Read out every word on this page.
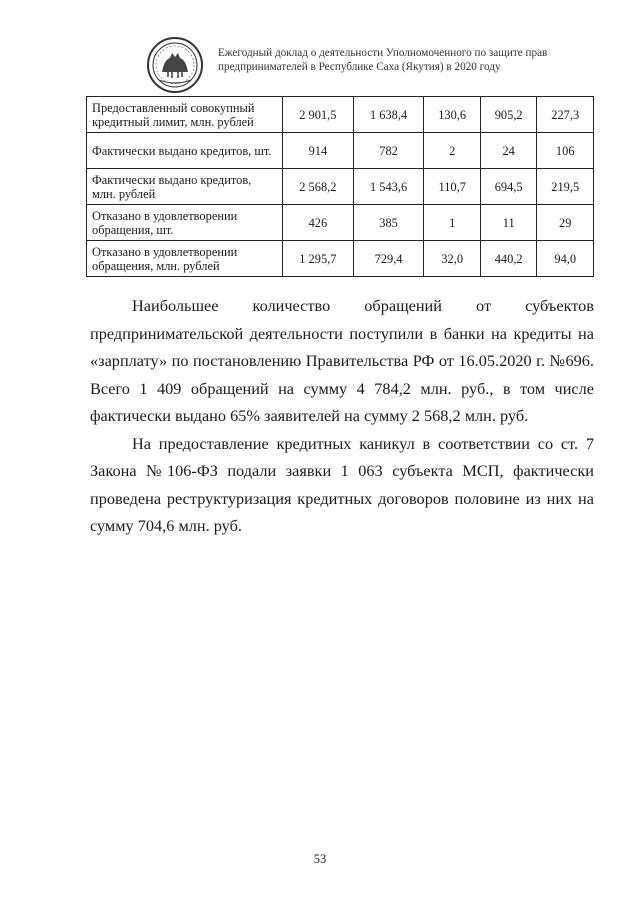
Ежегодный доклад о деятельности Уполномоченного по защите прав
предпринимателей в Республике Саха (Якутия) в 2020 году
Предоставленный совокупный кредитный лимит, млн. рублей	2 901,5	1 638,4	130,6	905,2	227,3
Фактически выдано кредитов, шт.	914	782	2	24	106
Фактически выдано кредитов, млн. рублей	2 568,2	1 543,6	110,7	694,5	219,5
Отказано в удовлетворении обращения, шт.	426	385	1	11	29
Отказано в удовлетворении обращения, млн. рублей	1 295,7	729,4	32,0	440,2	94,0

Наибольшее количество обращений от субъектов предпринимательской деятельности поступили в банки на кредиты на «зарплату» по постановлению Правительства РФ от 16.05.2020 г. №696. Всего 1 409 обращений на сумму 4 784,2 млн. руб., в том числе фактически выдано 65% заявителей на сумму 2 568,2 млн. руб.

На предоставление кредитных каникул в соответствии со ст. 7 Закона №106-ФЗ подали заявки 1 063 субъекта МСП, фактически проведена реструктуризация кредитных договоров половине из них на сумму 704,6 млн. руб.

53
